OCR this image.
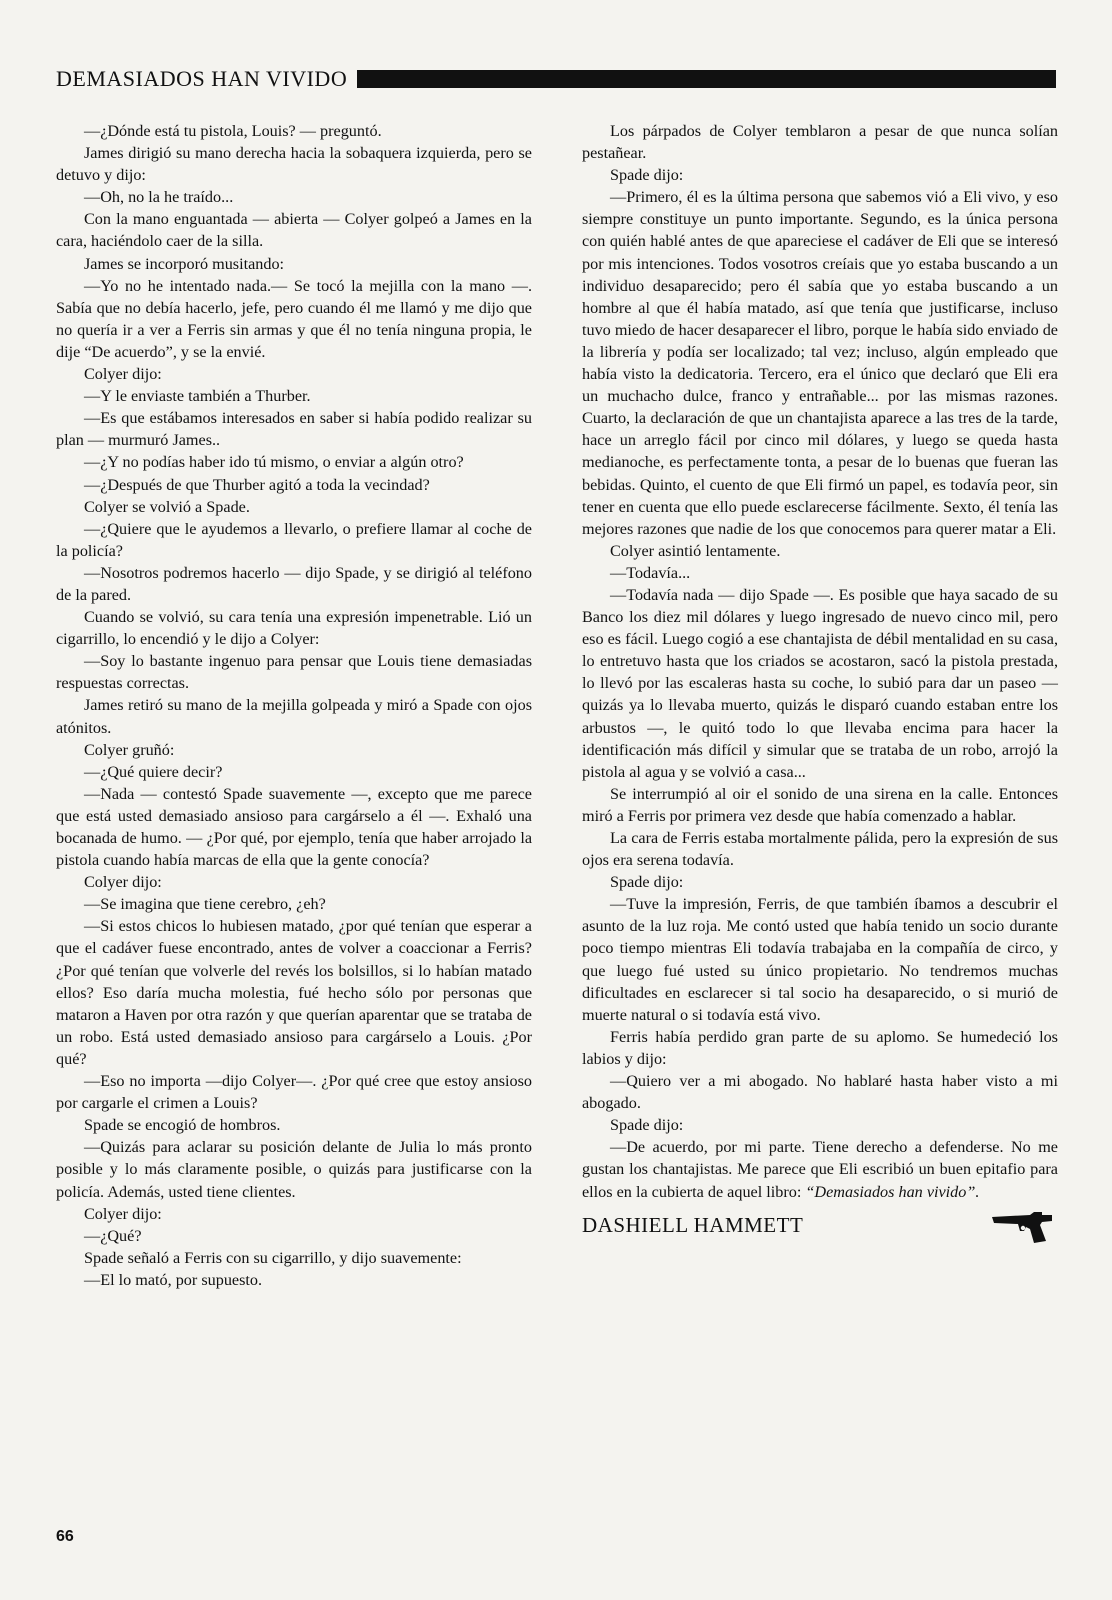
DEMASIADOS HAN VIVIDO

—¿Dónde está tu pistola, Louis? — preguntó.

James dirigió su mano derecha hacia la sobaquera izquierda, pero se detuvo y dijo:

—Oh, no la he traído...

Con la mano enguantada — abierta — Colyer golpeó a James en la cara, haciéndolo caer de la silla.

James se incorporó musitando:

—Yo no he intentado nada.— Se tocó la mejilla con la mano —. Sabía que no debía hacerlo, jefe, pero cuando él me llamó y me dijo que no quería ir a ver a Ferris sin armas y que él no tenía ninguna propia, le dije “De acuerdo”, y se la envié.

Colyer dijo:

—Y le enviaste también a Thurber.

—Es que estábamos interesados en saber si había podido realizar su plan — murmuró James..

—¿Y no podías haber ido tú mismo, o enviar a algún otro?

—¿Después de que Thurber agitó a toda la vecindad?

Colyer se volvió a Spade.

—¿Quiere que le ayudemos a llevarlo, o prefiere llamar al coche de la policía?

—Nosotros podremos hacerlo — dijo Spade, y se dirigió al teléfono de la pared.

Cuando se volvió, su cara tenía una expresión impenetrable. Lió un cigarrillo, lo encendió y le dijo a Colyer:

—Soy lo bastante ingenuo para pensar que Louis tiene demasiadas respuestas correctas.

James retiró su mano de la mejilla golpeada y miró a Spade con ojos atónitos.

Colyer gruñó:

—¿Qué quiere decir?

—Nada — contestó Spade suavemente —, excepto que me parece que está usted demasiado ansioso para cargárselo a él —. Exhaló una bocanada de humo. — ¿Por qué, por ejemplo, tenía que haber arrojado la pistola cuando había marcas de ella que la gente conocía?

Colyer dijo:

—Se imagina que tiene cerebro, ¿eh?

—Si estos chicos lo hubiesen matado, ¿por qué tenían que esperar a que el cadáver fuese encontrado, antes de volver a coaccionar a Ferris? ¿Por qué tenían que volverle del revés los bolsillos, si lo habían matado ellos? Eso daría mucha molestia, fué hecho sólo por personas que mataron a Haven por otra razón y que querían aparentar que se trataba de un robo. Está usted demasiado ansioso para cargárselo a Louis. ¿Por qué?

—Eso no importa —dijo Colyer—. ¿Por qué cree que estoy ansioso por cargarle el crimen a Louis?

Spade se encogió de hombros.

—Quizás para aclarar su posición delante de Julia lo más pronto posible y lo más claramente posible, o quizás para justificarse con la policía. Además, usted tiene clientes.

Colyer dijo:

—¿Qué?

Spade señaló a Ferris con su cigarrillo, y dijo suavemente:

—El lo mató, por supuesto.

Los párpados de Colyer temblaron a pesar de que nunca solían pestañear.

Spade dijo:

—Primero, él es la última persona que sabemos vió a Eli vivo, y eso siempre constituye un punto importante. Segundo, es la única persona con quién hablé antes de que apareciese el cadáver de Eli que se interesó por mis intenciones. Todos vosotros creíais que yo estaba buscando a un individuo desaparecido; pero él sabía que yo estaba buscando a un hombre al que él había matado, así que tenía que justificarse, incluso tuvo miedo de hacer desaparecer el libro, porque le había sido enviado de la librería y podía ser localizado; tal vez; incluso, algún empleado que había visto la dedicatoria. Tercero, era el único que declaró que Eli era un muchacho dulce, franco y entrañable... por las mismas razones. Cuarto, la declaración de que un chantajista aparece a las tres de la tarde, hace un arreglo fácil por cinco mil dólares, y luego se queda hasta medianoche, es perfectamente tonta, a pesar de lo buenas que fueran las bebidas. Quinto, el cuento de que Eli firmó un papel, es todavía peor, sin tener en cuenta que ello puede esclarecerse fácilmente. Sexto, él tenía las mejores razones que nadie de los que conocemos para querer matar a Eli.

Colyer asintió lentamente.

—Todavía...

—Todavía nada — dijo Spade —. Es posible que haya sacado de su Banco los diez mil dólares y luego ingresado de nuevo cinco mil, pero eso es fácil. Luego cogió a ese chantajista de débil mentalidad en su casa, lo entretuvo hasta que los criados se acostaron, sacó la pistola prestada, lo llevó por las escaleras hasta su coche, lo subió para dar un paseo —quizás ya lo llevaba muerto, quizás le disparó cuando estaban entre los arbustos —, le quitó todo lo que llevaba encima para hacer la identificación más difícil y simular que se trataba de un robo, arrojó la pistola al agua y se volvió a casa...

Se interrumpió al oir el sonido de una sirena en la calle. Entonces miró a Ferris por primera vez desde que había comenzado a hablar.

La cara de Ferris estaba mortalmente pálida, pero la expresión de sus ojos era serena todavía.

Spade dijo:

—Tuve la impresión, Ferris, de que también íbamos a descubrir el asunto de la luz roja. Me contó usted que había tenido un socio durante poco tiempo mientras Eli todavía trabajaba en la compañía de circo, y que luego fué usted su único propietario. No tendremos muchas dificultades en esclarecer si tal socio ha desaparecido, o si murió de muerte natural o si todavía está vivo.

Ferris había perdido gran parte de su aplomo. Se humedeció los labios y dijo:

—Quiero ver a mi abogado. No hablaré hasta haber visto a mi abogado.

Spade dijo:

—De acuerdo, por mi parte. Tiene derecho a defenderse. No me gustan los chantajistas. Me parece que Eli escribió un buen epitafio para ellos en la cubierta de aquel libro: “Demasiados han vivido”.

DASHIELL HAMMETT
66
